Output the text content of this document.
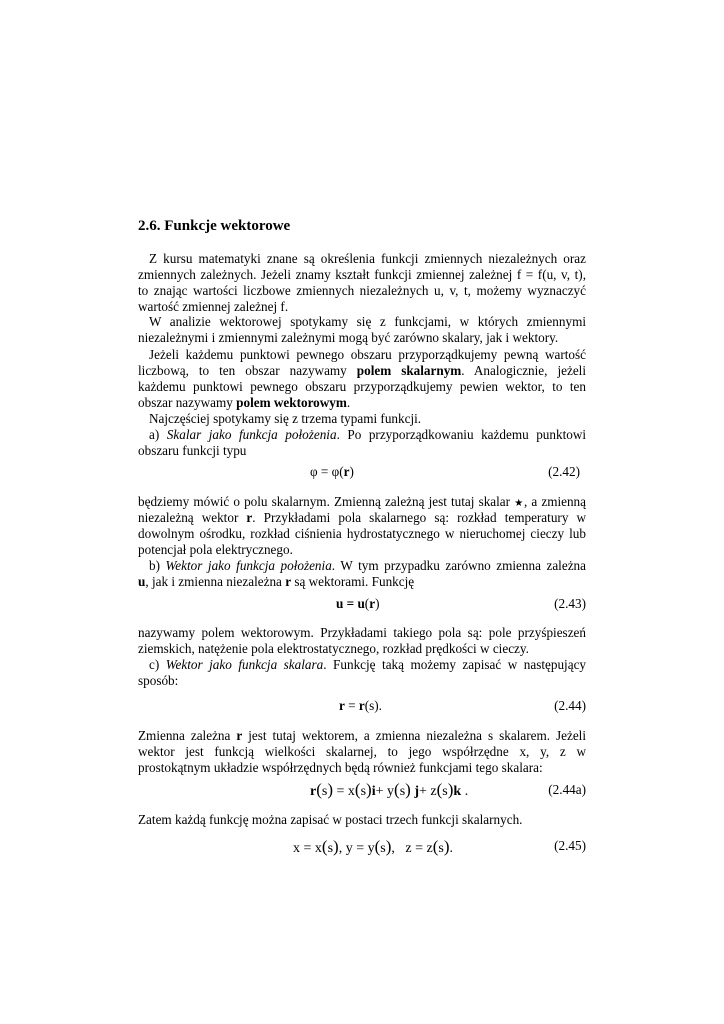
2.6. Funkcje wektorowe
Z kursu matematyki znane są określenia funkcji zmiennych niezależnych oraz
zmiennych zależnych. Jeżeli znamy kształt funkcji zmiennej zależnej f = f(u, v, t),
to znając wartości liczbowe zmiennych niezależnych u, v, t, możemy wyznaczyć
wartość zmiennej zależnej f.
W analizie wektorowej spotykamy się z funkcjami, w których zmiennymi
niezależnymi i zmiennymi zależnymi mogą być zarówno skalary, jak i wektory.
Jeżeli każdemu punktowi pewnego obszaru przyporządkujemy pewną wartość
liczbową, to ten obszar nazywamy polem skalarnym. Analogicznie, jeżeli
każdemu punktowi pewnego obszaru przyporządkujemy pewien wektor, to ten
obszar nazywamy polem wektorowym.
Najczęściej spotykamy się z trzema typami funkcji.
a) Skalar jako funkcja położenia. Po przyporządkowaniu każdemu punktowi
obszaru funkcji typu
φ = φ(r)	(2.42)
będziemy mówić o polu skalarnym. Zmienną zależną jest tutaj skalar ★, a zmienną
niezależną wektor r. Przykładami pola skalarnego są: rozkład temperatury w
dowolnym ośrodku, rozkład ciśnienia hydrostatycznego w nieruchomej cieczy lub
potencjał pola elektrycznego.
b) Wektor jako funkcja położenia. W tym przypadku zarówno zmienna zależna
u, jak i zmienna niezależna r są wektorami. Funkcję
u = u(r)	(2.43)
nazywamy polem wektorowym. Przykładami takiego pola są: pole przyśpieszeń
ziemskich, natężenie pola elektrostatycznego, rozkład prędkości w cieczy.
c) Wektor jako funkcja skalara. Funkcję taką możemy zapisać w następujący
sposób:
r = r(s).	(2.44)
Zmienna zależna r jest tutaj wektorem, a zmienna niezależna s skalarem. Jeżeli
wektor jest funkcją wielkości skalarnej, to jego współrzędne x, y, z w
prostokątnym układzie współrzędnych będą również funkcjami tego skalara:
r(s) = x(s)i+ y(s) j+ z(s)k .	(2.44a)
Zatem każdą funkcję można zapisać w postaci trzech funkcji skalarnych.
x = x(s), y = y(s),   z = z(s).	(2.45)
